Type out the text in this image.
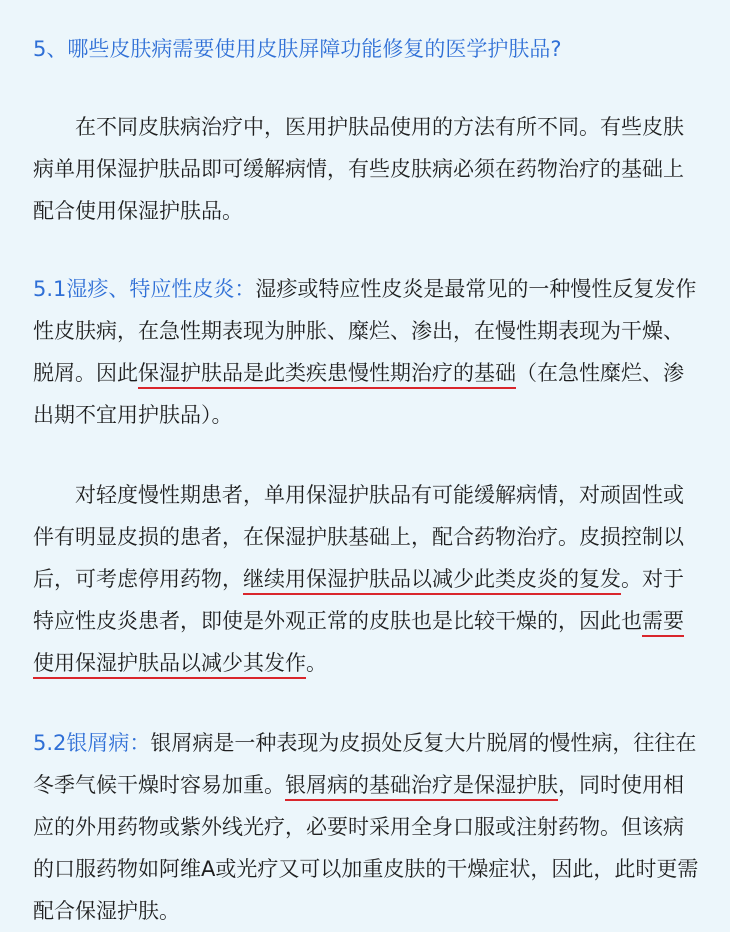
5、哪些皮肤病需要使用皮肤屏障功能修复的医学护肤品?

在不同皮肤病治疗中，医用护肤品使用的方法有所不同。有些皮肤病单用保湿护肤品即可缓解病情，有些皮肤病必须在药物治疗的基础上配合使用保湿护肤品。

5.1湿疹、特应性皮炎：湿疹或特应性皮炎是最常见的一种慢性反复发作性皮肤病，在急性期表现为肿胀、糜烂、渗出，在慢性期表现为干燥、脱屑。因此保湿护肤品是此类疾患慢性期治疗的基础（在急性糜烂、渗出期不宜用护肤品）。

对轻度慢性期患者，单用保湿护肤品有可能缓解病情，对顽固性或伴有明显皮损的患者，在保湿护肤基础上，配合药物治疗。皮损控制以后，可考虑停用药物，继续用保湿护肤品以减少此类皮炎的复发。对于特应性皮炎患者，即使是外观正常的皮肤也是比较干燥的，因此也需要使用保湿护肤品以减少其发作。

5.2银屑病：银屑病是一种表现为皮损处反复大片脱屑的慢性病，往往在冬季气候干燥时容易加重。银屑病的基础治疗是保湿护肤，同时使用相应的外用药物或紫外线光疗，必要时采用全身口服或注射药物。但该病的口服药物如阿维A或光疗又可以加重皮肤的干燥症状，因此，此时更需配合保湿护肤。
